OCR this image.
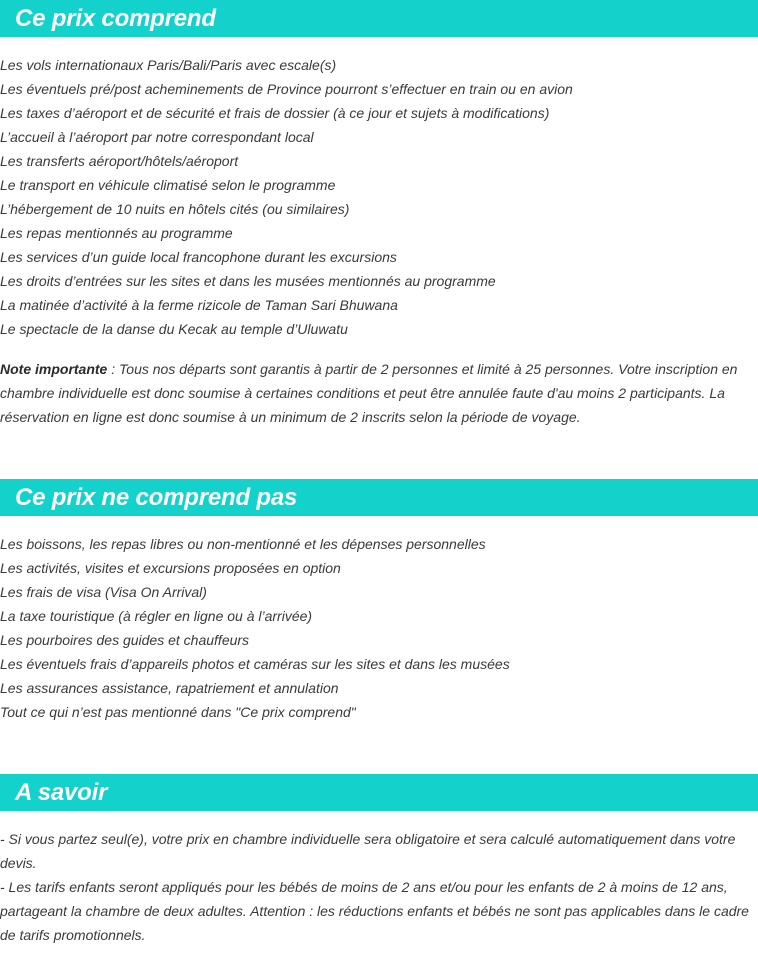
Ce prix comprend
Les vols internationaux Paris/Bali/Paris avec escale(s)
Les éventuels pré/post acheminements de Province pourront s’effectuer en train ou en avion
Les taxes d’aéroport et de sécurité et frais de dossier (à ce jour et sujets à modifications)
L’accueil à l’aéroport par notre correspondant local
Les transferts aéroport/hôtels/aéroport
Le transport en véhicule climatisé selon le programme
L’hébergement de 10 nuits en hôtels cités (ou similaires)
Les repas mentionnés au programme
Les services d’un guide local francophone durant les excursions
Les droits d’entrées sur les sites et dans les musées mentionnés au programme
La matinée d’activité à la ferme rizicole de Taman Sari Bhuwana
Le spectacle de la danse du Kecak au temple d’Uluwatu

Note importante : Tous nos départs sont garantis à partir de 2 personnes et limité à 25 personnes. Votre inscription en chambre individuelle est donc soumise à certaines conditions et peut être annulée faute d'au moins 2 participants. La réservation en ligne est donc soumise à un minimum de 2 inscrits selon la période de voyage.

Ce prix ne comprend pas
Les boissons, les repas libres ou non-mentionné et les dépenses personnelles
Les activités, visites et excursions proposées en option
Les frais de visa (Visa On Arrival)
La taxe touristique (à régler en ligne ou à l’arrivée)
Les pourboires des guides et chauffeurs
Les éventuels frais d’appareils photos et caméras sur les sites et dans les musées
Les assurances assistance, rapatriement et annulation
Tout ce qui n’est pas mentionné dans "Ce prix comprend"
A savoir

- Si vous partez seul(e), votre prix en chambre individuelle sera obligatoire et sera calculé automatiquement dans votre devis.

- Les tarifs enfants seront appliqués pour les bébés de moins de 2 ans et/ou pour les enfants de 2 à moins de 12 ans, partageant la chambre de deux adultes. Attention : les réductions enfants et bébés ne sont pas applicables dans le cadre de tarifs promotionnels.
